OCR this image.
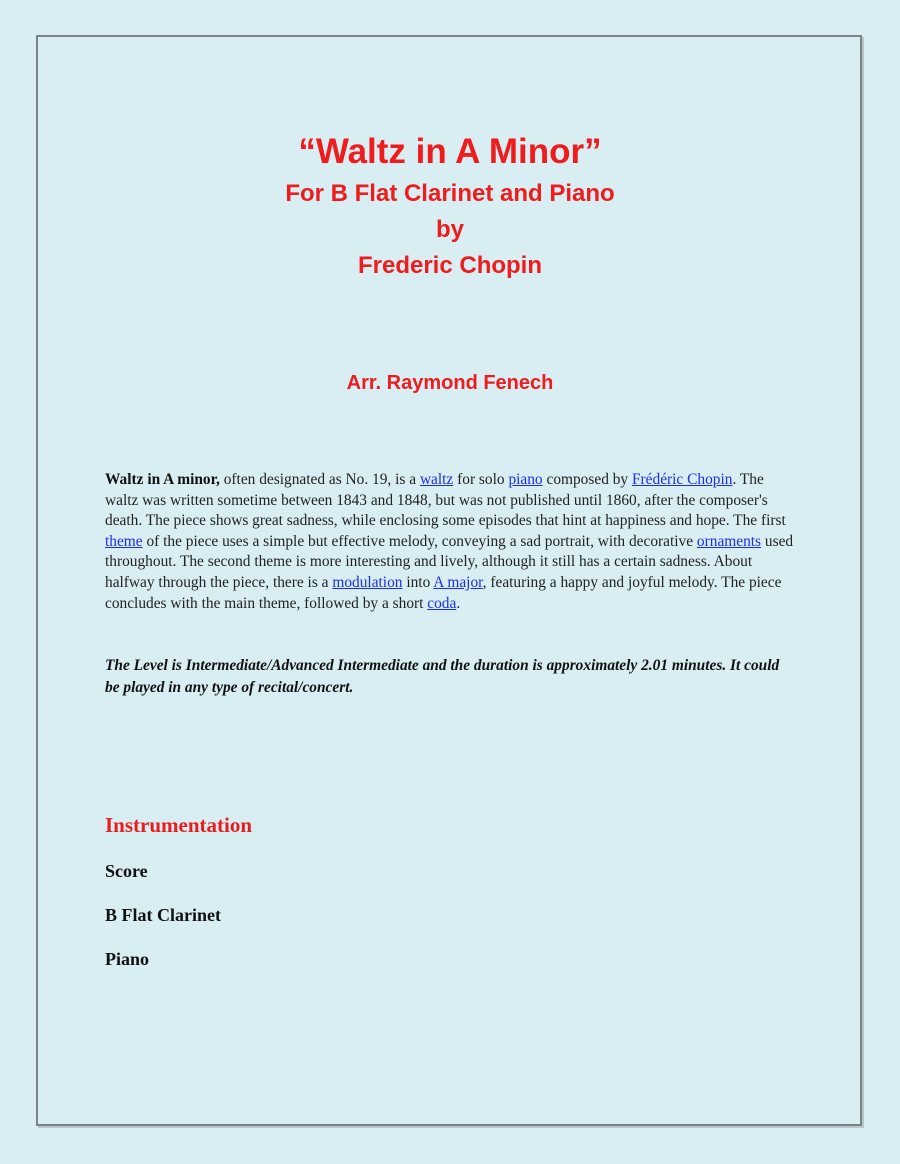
“Waltz in A Minor”
For B Flat Clarinet and Piano
by
Frederic Chopin
Arr. Raymond Fenech
Waltz in A minor, often designated as No. 19, is a waltz for solo piano composed by Frédéric Chopin. The waltz was written sometime between 1843 and 1848, but was not published until 1860, after the composer's death. The piece shows great sadness, while enclosing some episodes that hint at happiness and hope. The first theme of the piece uses a simple but effective melody, conveying a sad portrait, with decorative ornaments used throughout. The second theme is more interesting and lively, although it still has a certain sadness. About halfway through the piece, there is a modulation into A major, featuring a happy and joyful melody. The piece concludes with the main theme, followed by a short coda.
The Level is Intermediate/Advanced Intermediate and the duration is approximately 2.01 minutes. It could be played in any type of recital/concert.
Instrumentation
Score
B Flat Clarinet
Piano
